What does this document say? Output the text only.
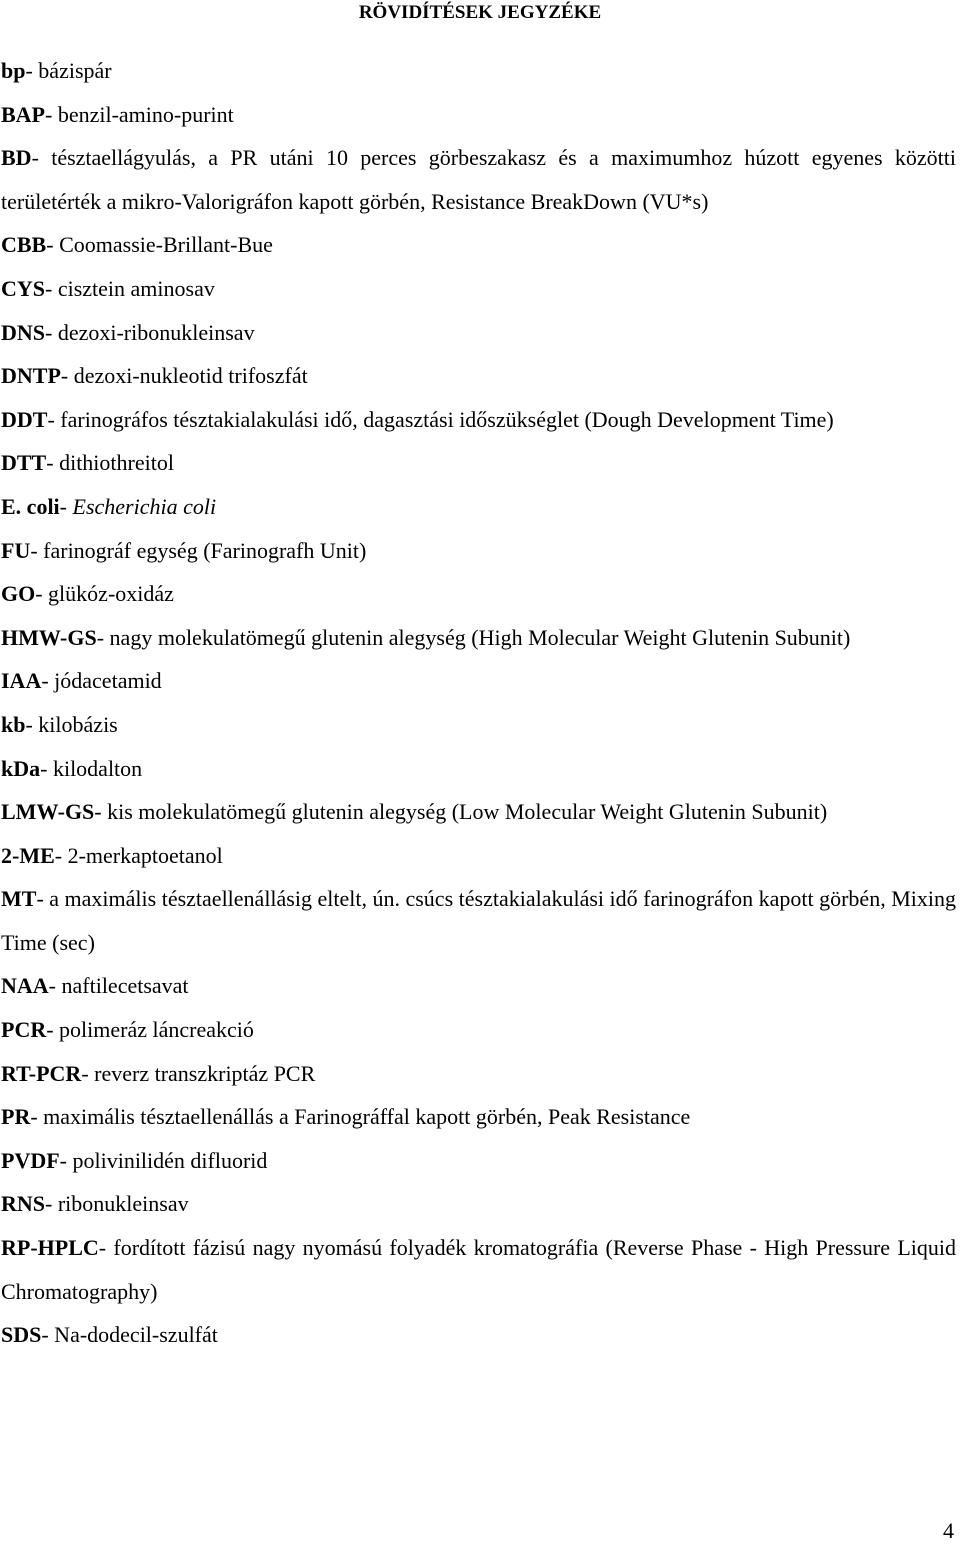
RÖVIDÍTÉSEK JEGYZÉKE

bp- bázispár

BAP- benzil-amino-purint

BD- tésztaellágyulás, a PR utáni 10 perces görbeszakasz és a maximumhoz húzott egyenes közötti területérték a mikro-Valorigráfon kapott görbén, Resistance BreakDown (VU*s)

CBB- Coomassie-Brillant-Bue

CYS- cisztein aminosav

DNS- dezoxi-ribonukleinsav

DNTP- dezoxi-nukleotid trifoszfát

DDT- farinográfos tésztakialakulási idő, dagasztási időszükséglet (Dough Development Time)

DTT- dithiothreitol

E. coli- Escherichia coli

FU- farinográf egység (Farinografh Unit)

GO- glükóz-oxidáz

HMW-GS- nagy molekulatömegű glutenin alegység (High Molecular Weight Glutenin Subunit)

IAA- jódacetamid

kb- kilobázis

kDa- kilodalton

LMW-GS- kis molekulatömegű glutenin alegység (Low Molecular Weight Glutenin Subunit)

2-ME- 2-merkaptoetanol

MT- a maximális tésztaellenállásig eltelt, ún. csúcs tésztakialakulási idő farinográfon kapott görbén, Mixing Time (sec)

NAA- naftilecetsavat

PCR- polimeráz láncreakció

RT-PCR- reverz transzkriptáz PCR

PR- maximális tésztaellenállás a Farinográffal kapott görbén, Peak Resistance

PVDF- polivinilidén difluorid

RNS- ribonukleinsav

RP-HPLC- fordított fázisú nagy nyomású folyadék kromatográfia (Reverse Phase - High Pressure Liquid Chromatography)

SDS- Na-dodecil-szulfát

4
